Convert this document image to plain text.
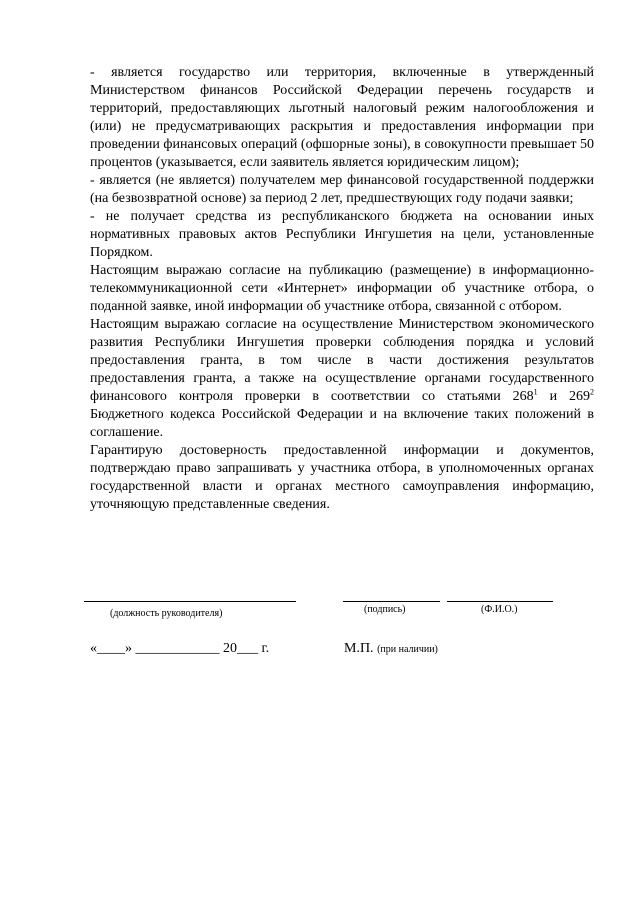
- является государство или территория, включенные в утвержденный Министерством финансов Российской Федерации перечень государств и территорий, предоставляющих льготный налоговый режим налогообложения и (или) не предусматривающих раскрытия и предоставления информации при проведении финансовых операций (офшорные зоны), в совокупности превышает 50 процентов (указывается, если заявитель является юридическим лицом);

- является (не является) получателем мер финансовой государственной поддержки (на безвозвратной основе) за период 2 лет, предшествующих году подачи заявки;

- не получает средства из республиканского бюджета на основании иных нормативных правовых актов Республики Ингушетия на цели, установленные Порядком.

Настоящим выражаю согласие на публикацию (размещение) в информационно-телекоммуникационной сети «Интернет» информации об участнике отбора, о поданной заявке, иной информации об участнике отбора, связанной с отбором.

Настоящим выражаю согласие на осуществление Министерством экономического развития Республики Ингушетия проверки соблюдения порядка и условий предоставления гранта, в том числе в части достижения результатов предоставления гранта, а также на осуществление органами государственного финансового контроля проверки в соответствии со статьями $268^1$ и $269^2$ Бюджетного кодекса Российской Федерации и на включение таких положений в соглашение.

Гарантирую достоверность предоставленной информации и документов, подтверждаю право запрашивать у участника отбора, в уполномоченных органах государственной власти и органах местного самоуправления информацию, уточняющую представленные сведения.

(должность руководителя)	(подпись)	(Ф.И.О.)
«____» ____________ 20___ г.	М.П. (при наличии)
